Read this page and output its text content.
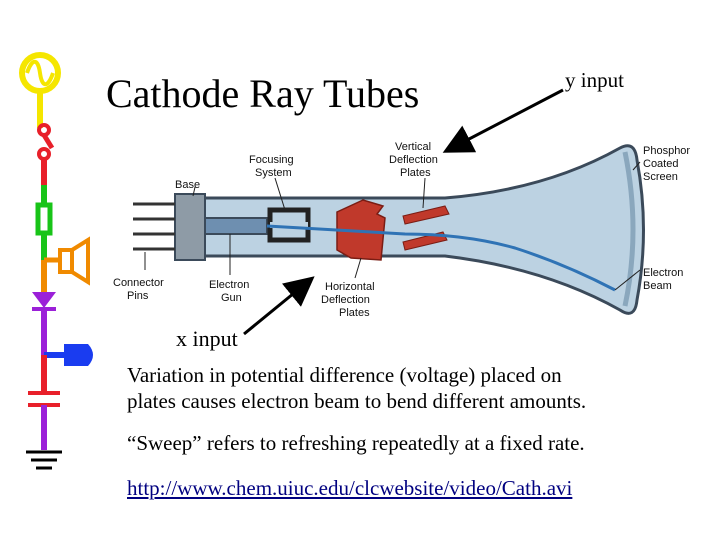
Cathode Ray Tubes	y input
x input
Base
Focusing
System
Vertical
Deflection
Plates
Phosphor
Coated
Screen
Connector
Pins
Electron
Gun
Horizontal
Deflection
Plates
Electron
Beam
Variation in potential difference (voltage) placed on
plates causes electron beam to bend different amounts.
“Sweep” refers to refreshing repeatedly at a fixed rate.
http://www.chem.uiuc.edu/clcwebsite/video/Cath.avi
